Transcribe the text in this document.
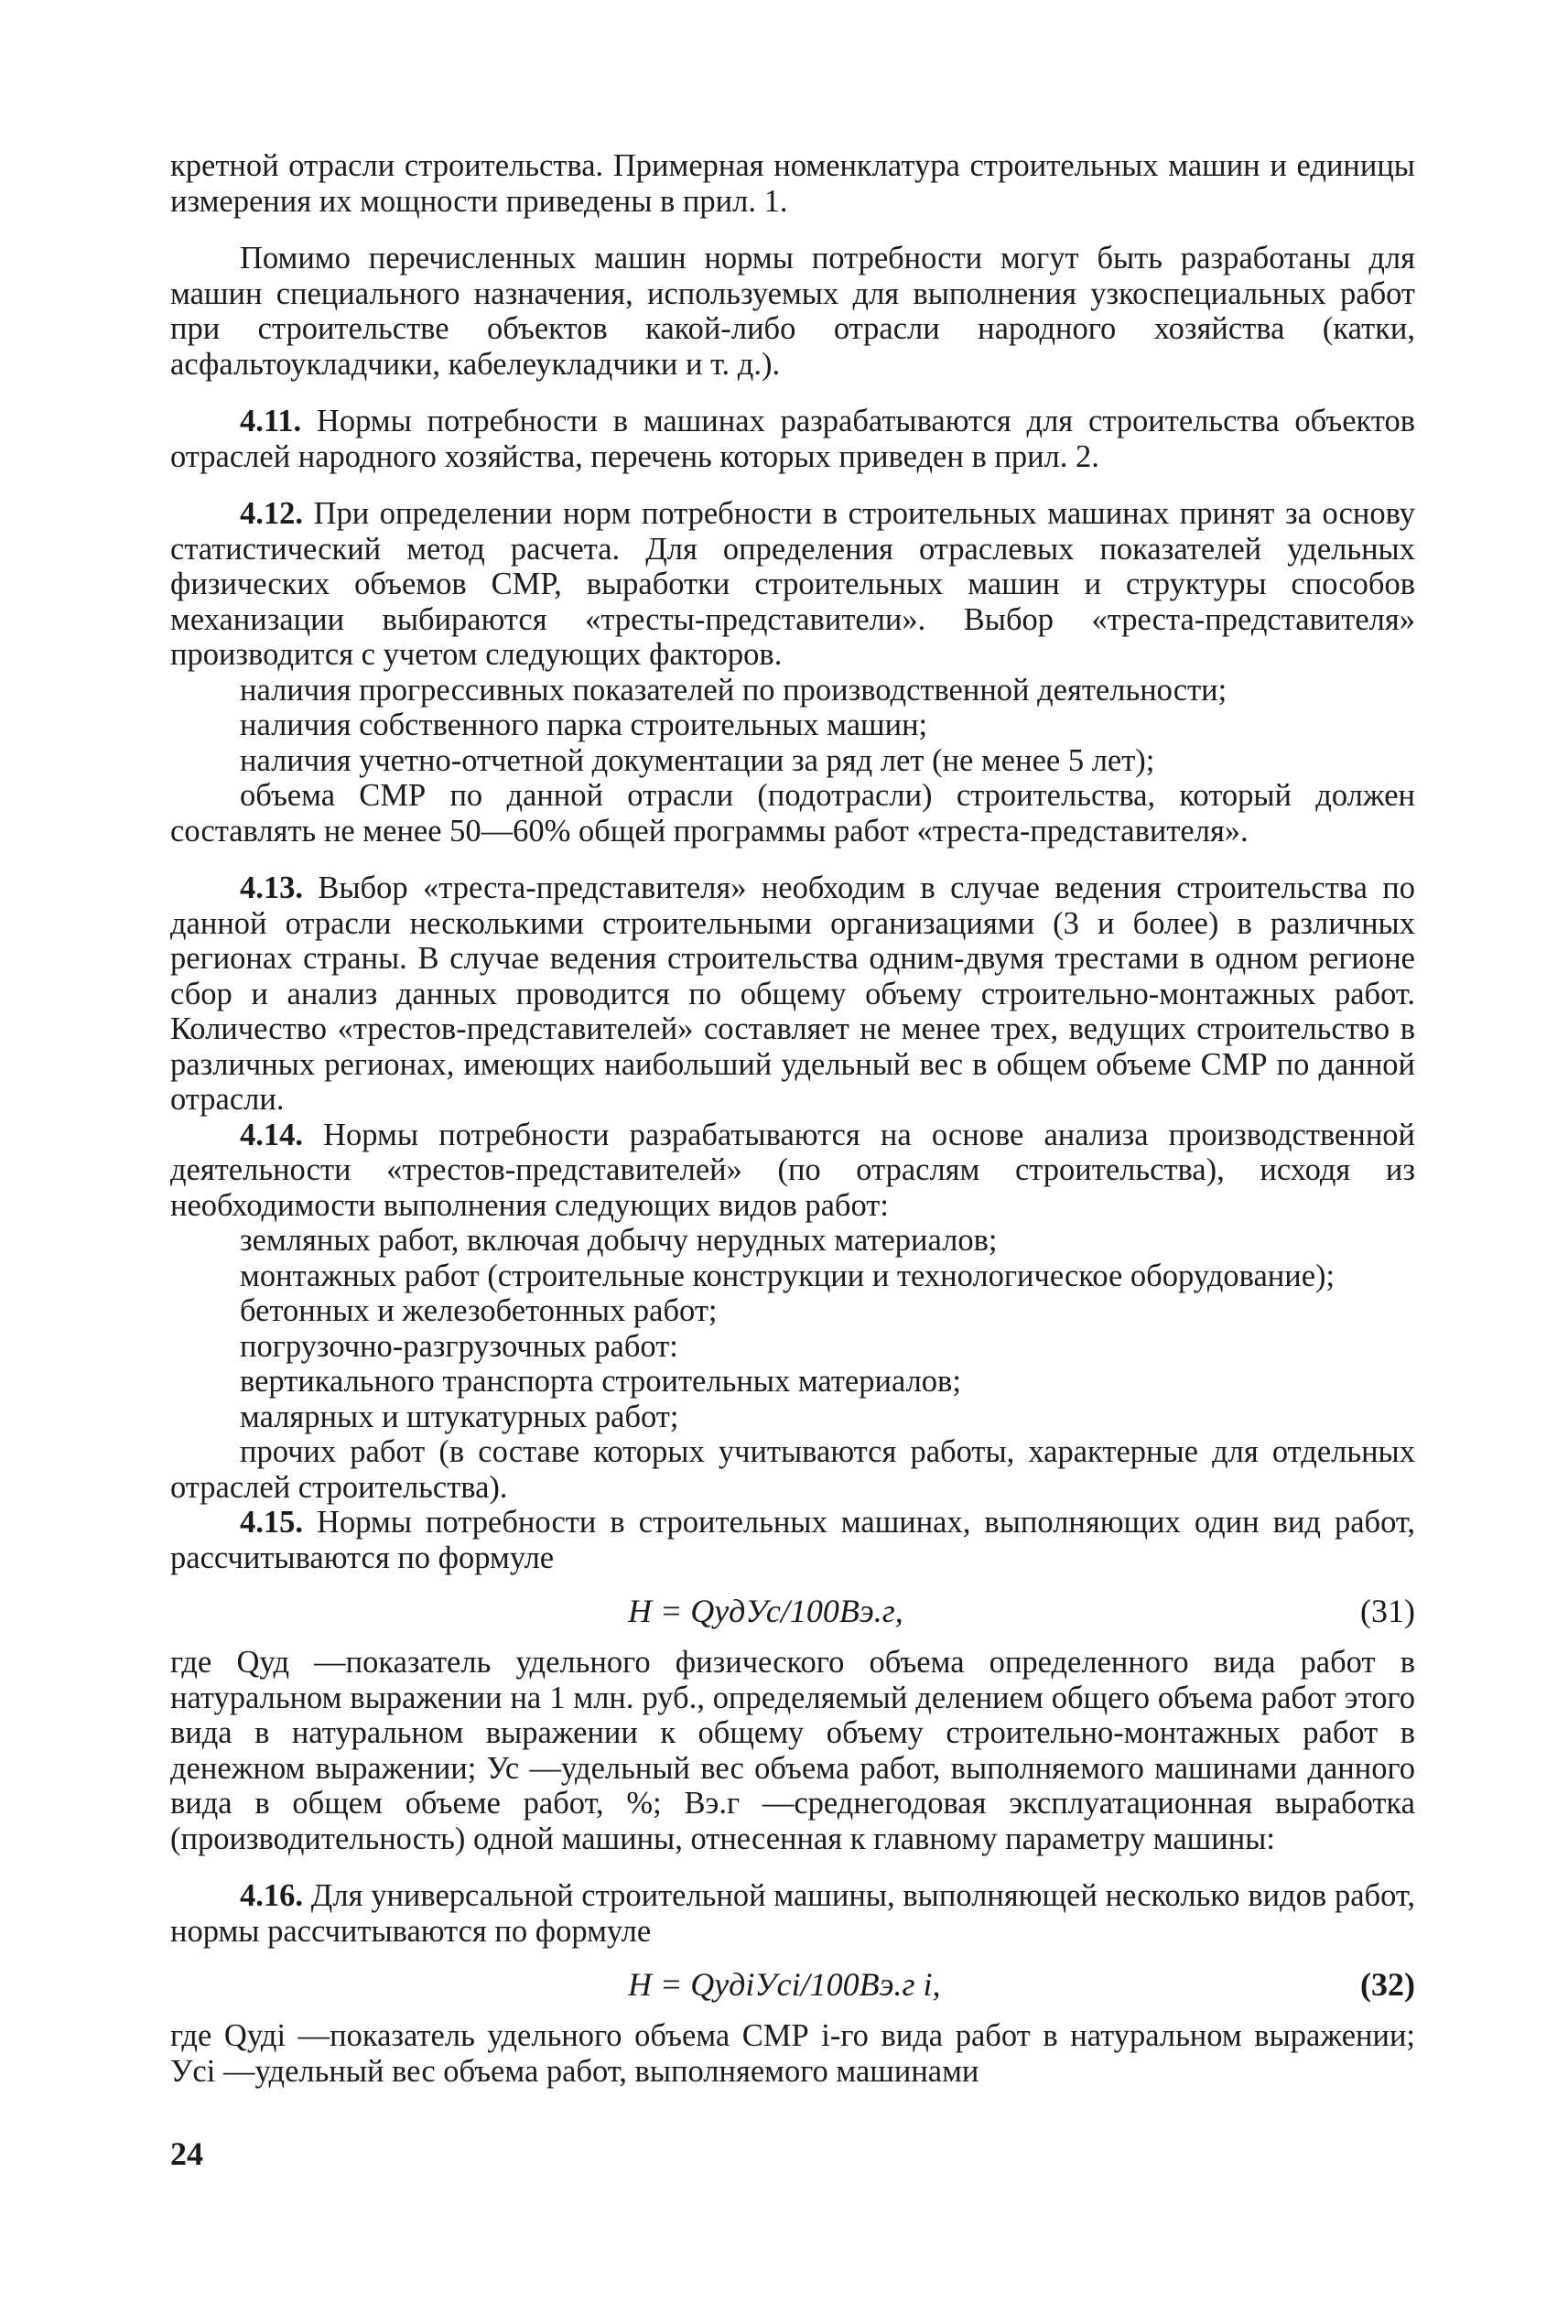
кретной отрасли строительства. Примерная номенклатура строительных машин и единицы измерения их мощности приведены в прил. 1.

Помимо перечисленных машин нормы потребности могут быть разработаны для машин специального назначения, используемых для выполнения узкоспециальных работ при строительстве объектов какой-либо отрасли народного хозяйства (катки, асфальтоукладчики, кабелеукладчики и т. д.).

4.11. Нормы потребности в машинах разрабатываются для строительства объектов отраслей народного хозяйства, перечень которых приведен в прил. 2.

4.12. При определении норм потребности в строительных машинах принят за основу статистический метод расчета. Для определения отраслевых показателей удельных физических объемов СМР, выработки строительных машин и структуры способов механизации выбираются «тресты-представители». Выбор «треста-представителя» производится с учетом следующих факторов.

наличия прогрессивных показателей по производственной деятельности;

наличия собственного парка строительных машин;

наличия учетно-отчетной документации за ряд лет (не менее 5 лет);

объема СМР по данной отрасли (подотрасли) строительства, который должен составлять не менее 50—60% общей программы работ «треста-представителя».

4.13. Выбор «треста-представителя» необходим в случае ведения строительства по данной отрасли несколькими строительными организациями (3 и более) в различных регионах страны. В случае ведения строительства одним-двумя трестами в одном регионе сбор и анализ данных проводится по общему объему строительно-монтажных работ. Количество «трестов-представителей» составляет не менее трех, ведущих строительство в различных регионах, имеющих наибольший удельный вес в общем объеме СМР по данной отрасли.

4.14. Нормы потребности разрабатываются на основе анализа производственной деятельности «трестов-представителей» (по отраслям строительства), исходя из необходимости выполнения следующих видов работ:

земляных работ, включая добычу нерудных материалов;

монтажных работ (строительные конструкции и технологическое оборудование);

бетонных и железобетонных работ;

погрузочно-разгрузочных работ:

вертикального транспорта строительных материалов;

малярных и штукатурных работ;

прочих работ (в составе которых учитываются работы, характерные для отдельных отраслей строительства).

4.15. Нормы потребности в строительных машинах, выполняющих один вид работ, рассчитываются по формуле

Н = QудУс/100Вэ.г,	(31)

где Qуд —показатель удельного физического объема определенного вида работ в натуральном выражении на 1 млн. руб., определяемый делением общего объема работ этого вида в натуральном выражении к общему объему строительно-монтажных работ в денежном выражении; Ус —удельный вес объема работ, выполняемого машинами данного вида в общем объеме работ, %; Вэ.г —среднегодовая эксплуатационная выработка (производительность) одной машины, отнесенная к главному параметру машины:

4.16. Для универсальной строительной машины, выполняющей несколько видов работ, нормы рассчитываются по формуле

Н = QудiУci/100Вэ.г i,	(32)

где Qудi —показатель удельного объема СМР i-го вида работ в натуральном выражении; Уci —удельный вес объема работ, выполняемого машинами

24
